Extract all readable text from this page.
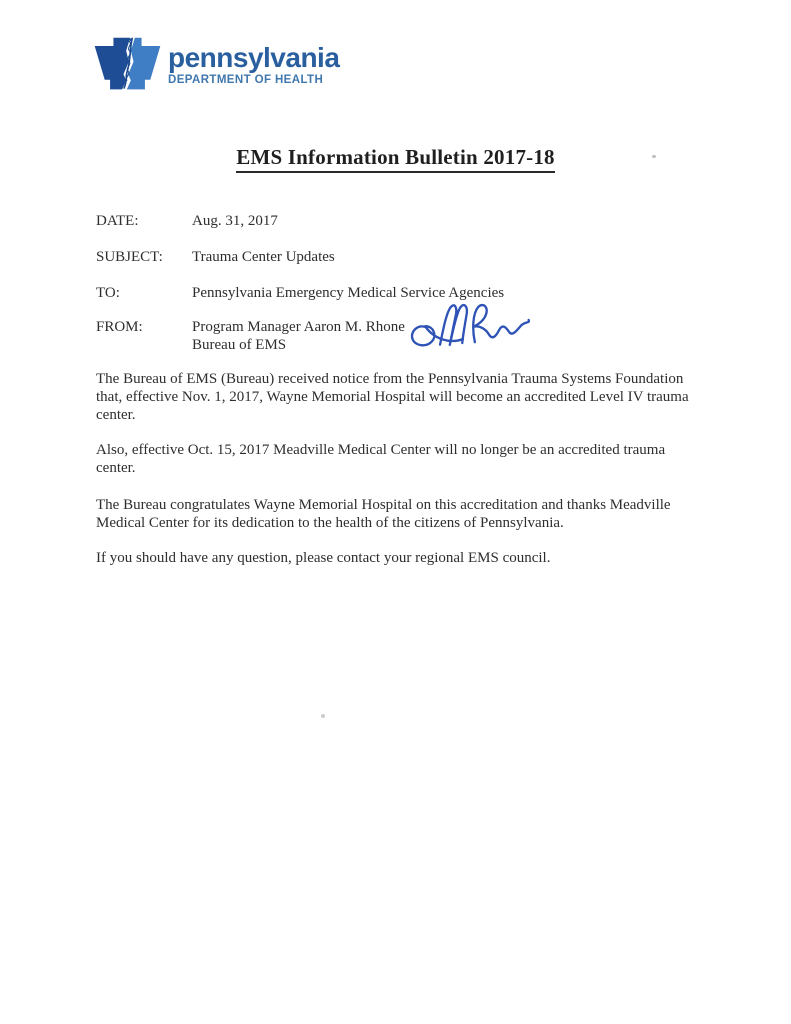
pennsylvania
DEPARTMENT OF HEALTH
EMS Information Bulletin 2017-18
DATE:	Aug. 31, 2017
SUBJECT: Trauma Center Updates
TO:	Pennsylvania Emergency Medical Service Agencies
FROM:	Program Manager Aaron M. Rhone
Bureau of EMS

The Bureau of EMS (Bureau) received notice from the Pennsylvania Trauma Systems Foundation that, effective Nov. 1, 2017, Wayne Memorial Hospital will become an accredited Level IV trauma center.

Also, effective Oct. 15, 2017 Meadville Medical Center will no longer be an accredited trauma center.

The Bureau congratulates Wayne Memorial Hospital on this accreditation and thanks Meadville Medical Center for its dedication to the health of the citizens of Pennsylvania.

If you should have any question, please contact your regional EMS council.
